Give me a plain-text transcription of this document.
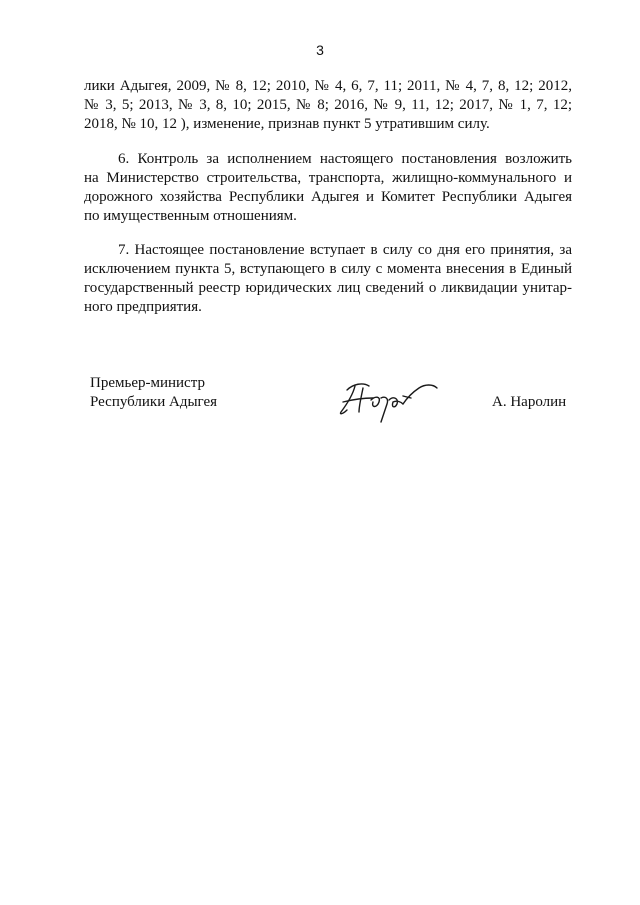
3
лики Адыгея, 2009, № 8, 12; 2010, № 4, 6, 7, 11; 2011, № 4, 7, 8, 12; 2012,
№ 3, 5; 2013, № 3, 8, 10; 2015, № 8; 2016, № 9, 11, 12; 2017, № 1, 7, 12;
2018, № 10, 12 ), изменение, признав пункт 5 утратившим силу.
6. Контроль за исполнением настоящего постановления возложить
на Министерство строительства, транспорта, жилищно-коммунального и
дорожного хозяйства Республики Адыгея и Комитет Республики Адыгея
по имущественным отношениям.
7. Настоящее постановление вступает в силу со дня его принятия, за
исключением пункта 5, вступающего в силу с момента внесения в Единый
государственный реестр юридических лиц сведений о ликвидации унитар-
ного предприятия.
Премьер-министр
Республики Адыгея	А. Наролин
